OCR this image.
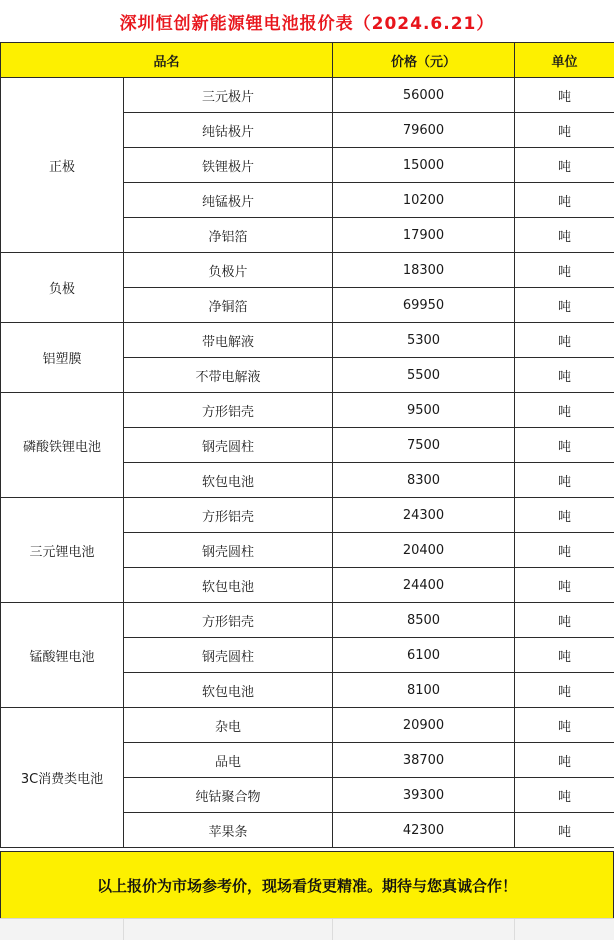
深圳恒创新能源锂电池报价表（2024.6.21）
品名		价格（元）	单位
正极	三元极片	56000	吨
	纯钴极片	79600	吨
	铁锂极片	15000	吨
	纯锰极片	10200	吨
	净铝箔	17900	吨
负极	负极片	18300	吨
	净铜箔	69950	吨
铝塑膜	带电解液	5300	吨
	不带电解液	5500	吨
磷酸铁锂电池	方形铝壳	9500	吨
	钢壳圆柱	7500	吨
	软包电池	8300	吨
三元锂电池	方形铝壳	24300	吨
	钢壳圆柱	20400	吨
	软包电池	24400	吨
锰酸锂电池	方形铝壳	8500	吨
	钢壳圆柱	6100	吨
	软包电池	8100	吨
3C消费类电池	杂电	20900	吨
	品电	38700	吨
	纯钴聚合物	39300	吨
	苹果条	42300	吨
以上报价为市场参考价，现场看货更精准。期待与您真诚合作！
